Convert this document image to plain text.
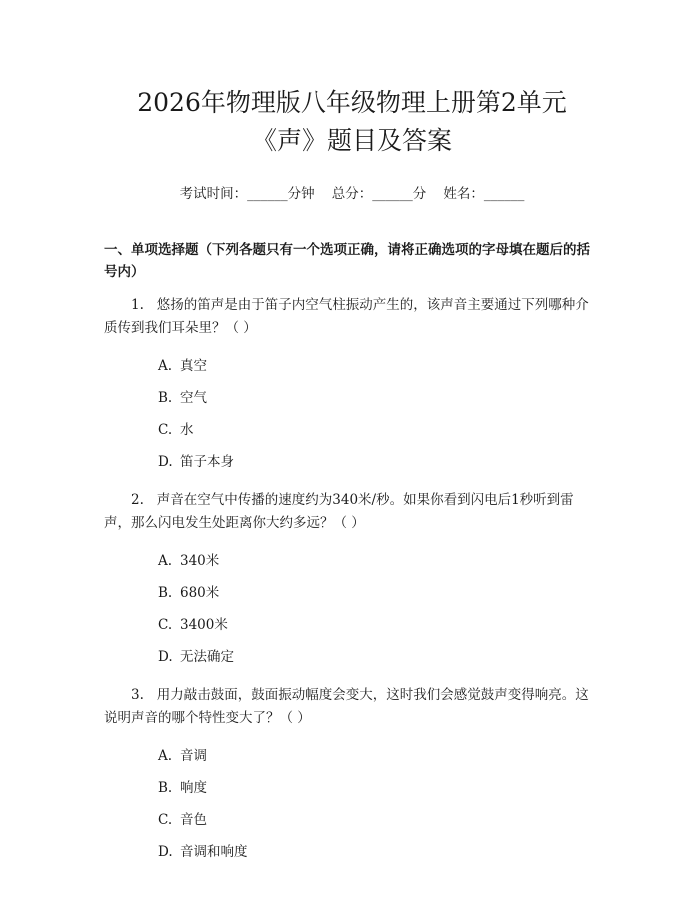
2026年物理版八年级物理上册第2单元
《声》题目及答案
考试时间：______分钟    总分：______分    姓名：______

一、单项选择题（下列各题只有一个选项正确，请将正确选项的字母填在题后的括号内）

1. 悠扬的笛声是由于笛子内空气柱振动产生的，该声音主要通过下列哪种介质传到我们耳朵里？（ ）

A. 真空
B. 空气
C. 水
D. 笛子本身

2. 声音在空气中传播的速度约为340米/秒。如果你看到闪电后1秒听到雷声，那么闪电发生处距离你大约多远？（ ）

A. 340米
B. 680米
C. 3400米
D. 无法确定

3. 用力敲击鼓面，鼓面振动幅度会变大，这时我们会感觉鼓声变得响亮。这说明声音的哪个特性变大了？（ ）

A. 音调
B. 响度
C. 音色
D. 音调和响度
